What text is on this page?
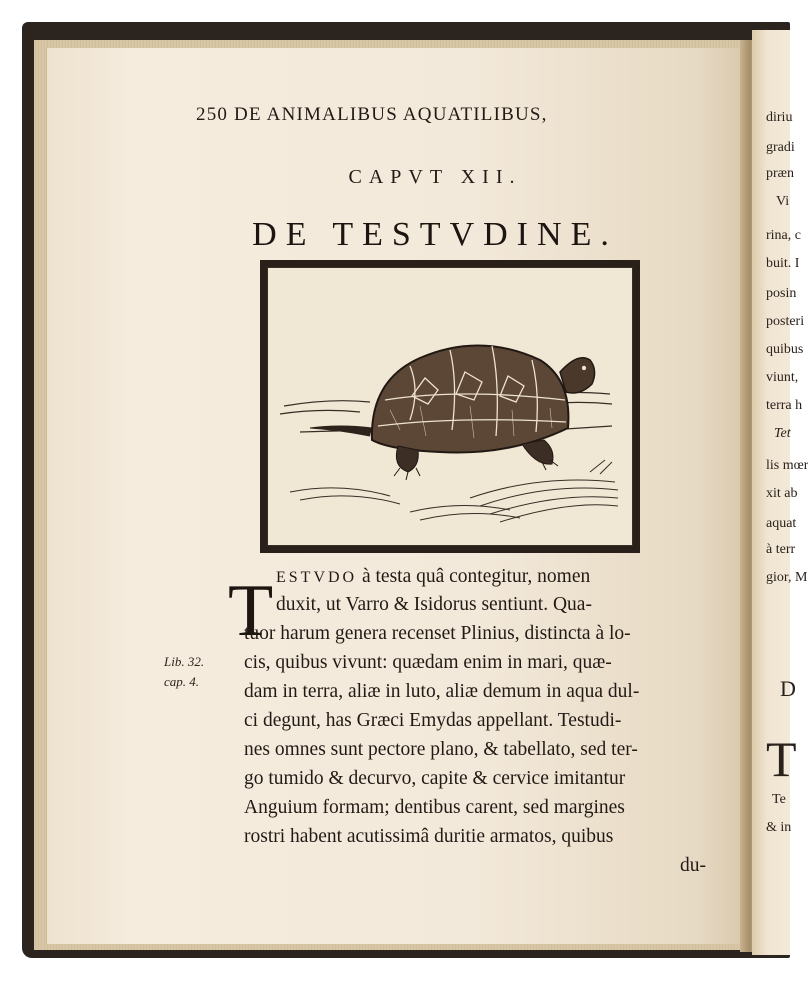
diriu
gradi
præn
Vi
rina, c
buit. I
posin
posteri
quibus
viunt,
terra h
Tet
lis mœr
xit ab
aquat
à terr
gior, M
D
T
Te
& in
250 DE ANIMALIBUS AQUATILIBUS,
CAPVT XII.
DE TESTVDINE.
T
Lib. 32.
cap. 4.
ESTVDO à testa quâ contegitur, nomen
duxit, ut Varro & Isidorus sentiunt. Qua-
tuor harum genera recenset Plinius, distincta à lo-
cis, quibus vivunt: quædam enim in mari, quæ-
dam in terra, aliæ in luto, aliæ demum in aqua dul-
ci degunt, has Græci Emydas appellant. Testudi-
nes omnes sunt pectore plano, & tabellato, sed ter-
go tumido & decurvo, capite & cervice imitantur
Anguium formam; dentibus carent, sed margines
rostri habent acutissimâ duritie armatos, quibus
du-
